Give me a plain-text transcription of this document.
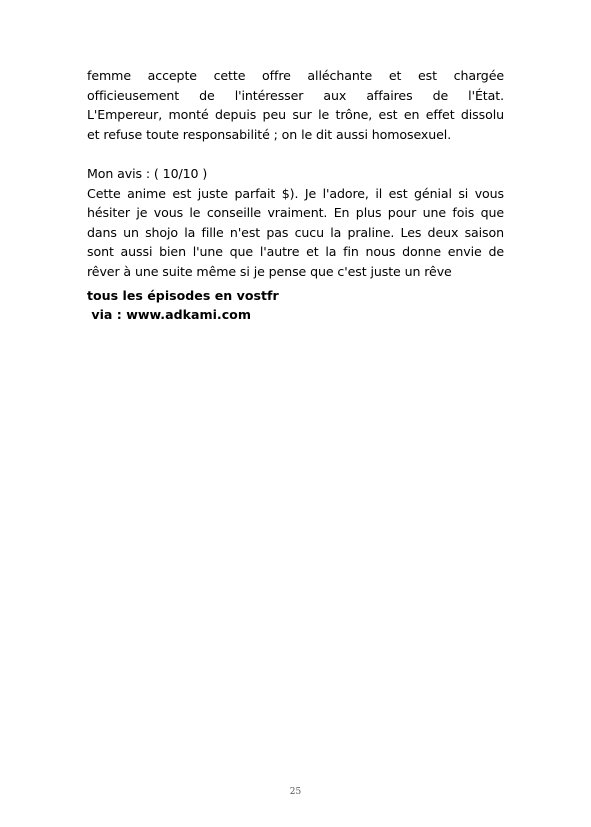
femme accepte cette offre alléchante et est chargée
officieusement de l'intéresser aux affaires de l'État.
L'Empereur, monté depuis peu sur le trône, est en effet dissolu
et refuse toute responsabilité ; on le dit aussi homosexuel.
Mon avis : ( 10/10 )
Cette anime est juste parfait $). Je l'adore, il est génial si vous
hésiter je vous le conseille vraiment. En plus pour une fois que
dans un shojo la fille n'est pas cucu la praline. Les deux saison
sont aussi bien l'une que l'autre et la fin nous donne envie de
rêver à une suite même si je pense que c'est juste un rêve

tous les épisodes en vostfr

via : www.adkami.com

25
